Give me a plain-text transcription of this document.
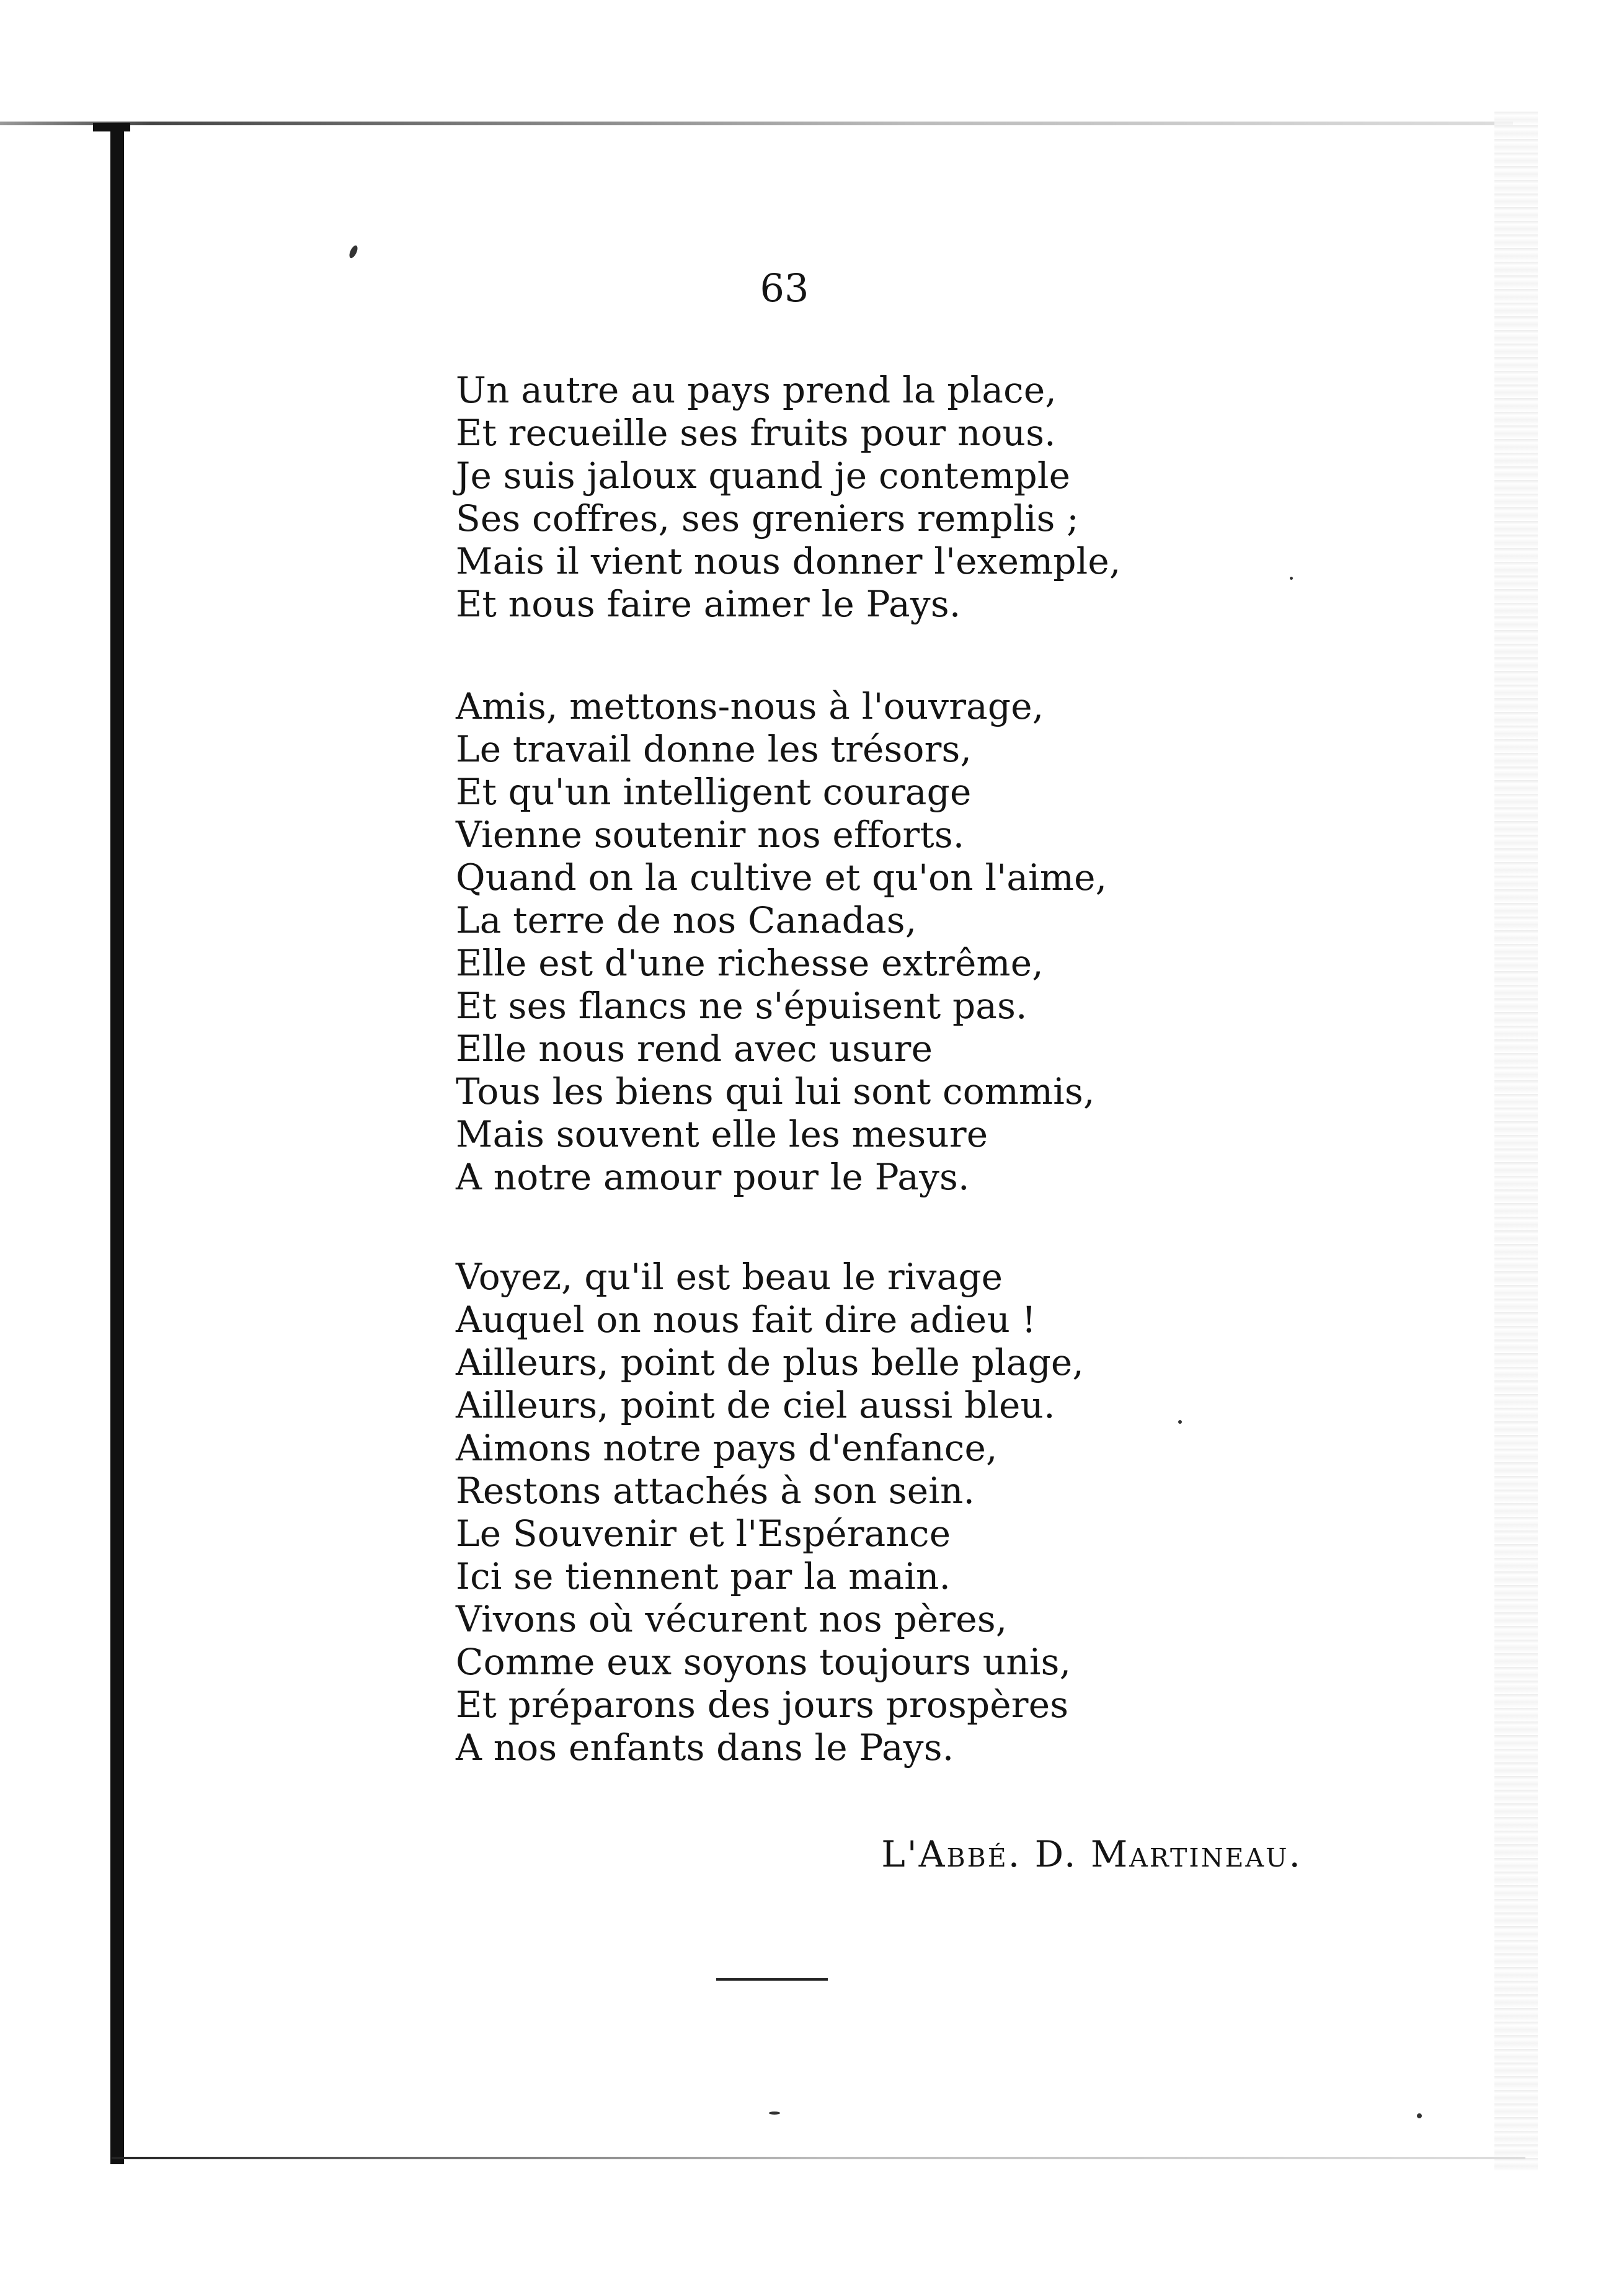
63
Un autre au pays prend la place,
Et recueille ses fruits pour nous.
Je suis jaloux quand je contemple
Ses coffres, ses greniers remplis ;
Mais il vient nous donner l'exemple,
Et nous faire aimer le Pays.
Amis, mettons-nous à l'ouvrage,
Le travail donne les trésors,
Et qu'un intelligent courage
Vienne soutenir nos efforts.
Quand on la cultive et qu'on l'aime,
La terre de nos Canadas,
Elle est d'une richesse extrême,
Et ses flancs ne s'épuisent pas.
Elle nous rend avec usure
Tous les biens qui lui sont commis,
Mais souvent elle les mesure
A notre amour pour le Pays.
Voyez, qu'il est beau le rivage
Auquel on nous fait dire adieu !
Ailleurs, point de plus belle plage,
Ailleurs, point de ciel aussi bleu.
Aimons notre pays d'enfance,
Restons attachés à son sein.
Le Souvenir et l'Espérance
Ici se tiennent par la main.
Vivons où vécurent nos pères,
Comme eux soyons toujours unis,
Et préparons des jours prospères
A nos enfants dans le Pays.
L'Abbé. D. Martineau.
